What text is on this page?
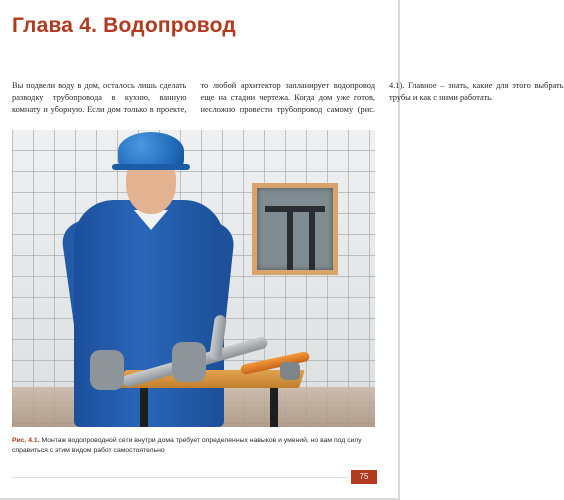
Глава 4. Водопровод

Вы подвели воду в дом, осталось лишь сделать разводку трубопровода в кухню, ванную комнату и уборную. Если дом только в проекте, то любой архитектор запланирует водопровод еще на стадии чертежа. Когда дом уже готов, несложно провести трубопровод самому (рис. 4.1). Главное – знать, какие для этого выбрать трубы и как с ними работать.

Рис. 4.1. Монтаж водопроводной сети внутри дома требует определенных навыков и умений, но вам под силу справиться с этим видом работ самостоятельно

75
